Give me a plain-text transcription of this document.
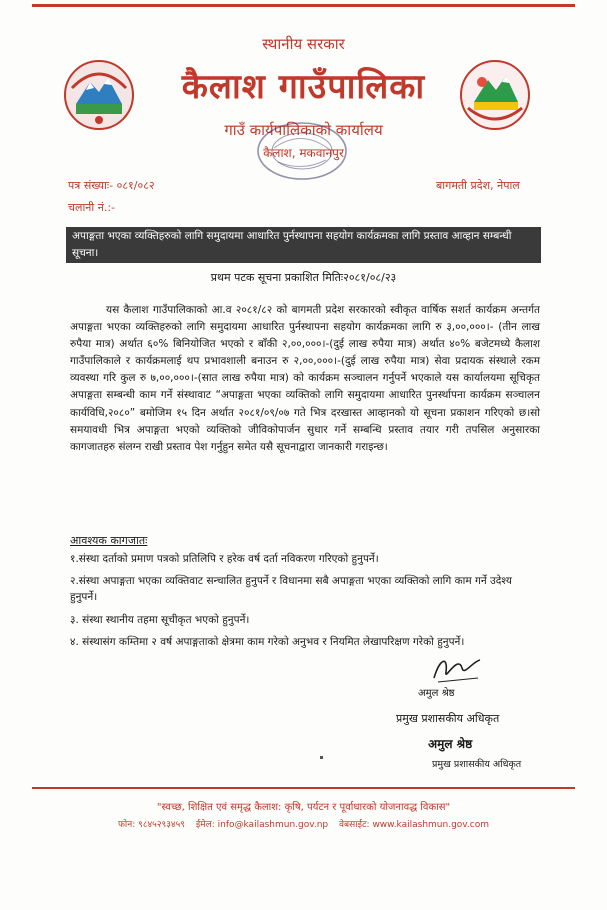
स्थानीय सरकार
कैलाश गाउँपालिका
गाउँ कार्यपालिकाको कार्यालय
कैलाश, मकवानपुर
पत्र संख्याः- ०८१/०८२
चलानी नं.:-
बागमती प्रदेश, नेपाल
अपाङ्गता भएका व्यक्तिहरुको लागि समुदायमा आधारित पुर्नस्थापना सहयोग कार्यक्रमका लागि प्रस्ताव आव्हान सम्बन्धी सूचना।
प्रथम पटक सूचना प्रकाशित मितिः२०८१/०८/२३
यस कैलाश गाउँपालिकाको आ.व २०८१/८२ को बागमती प्रदेश सरकारको स्वीकृत वार्षिक सशर्त कार्यक्रम अन्तर्गत अपाङ्गता भएका व्यक्तिहरुको लागि समुदायमा आधारित पुर्नस्थापना सहयोग कार्यक्रमका लागि रु ३,००,०००।- (तीन लाख रुपैया मात्र) अर्थात ६०% बिनियोजित भएको र बाँकी २,००,०००।-(दुई लाख रुपैया मात्र) अर्थात ४०% बजेटमध्ये कैलाश गाउँपालिकाले र कार्यक्रमलाई थप प्रभावशाली बनाउन रु २,००,०००।-(दुई लाख रुपैया मात्र) सेवा प्रदायक संस्थाले रकम व्यवस्था गरि कुल रु ७,००,०००।-(सात लाख रुपैया मात्र) को कार्यक्रम सञ्चालन गर्नुपर्ने भएकाले यस कार्यालयमा सूचिकृत अपाङ्गता सम्बन्धी काम गर्ने संस्थावाट “अपाङ्गता भएका व्यक्तिको लागि समुदायमा आधारित पुनर्स्थापना कार्यक्रम सञ्चालन कार्यविधि,२०८०” बमोजिम १५ दिन अर्थात २०८१/०९/०७ गते भित्र दरखास्त आव्हानको यो सूचना प्रकाशन गरिएको छ।सो समयावधी भित्र अपाङ्गता भएको व्यक्तिको जीविकोपार्जन सुधार गर्ने सम्बन्धि प्रस्ताव तयार गरी तपसिल अनुसारका कागजातहरु संलग्न राखी प्रस्ताव पेश गर्नुहुन समेत यसै सूचनाद्वारा जानकारी गराइन्छ।
आवश्यक कागजातः
१.संस्था दर्ताको प्रमाण पत्रको प्रतिलिपि र हरेक वर्ष दर्ता नविकरण गरिएको हुनुपर्ने।
२.संस्था अपाङ्गता भएका व्यक्तिवाट सन्चालित हुनुपर्ने र विधानमा सबै अपाङ्गता भएका व्यक्तिको लागि काम गर्ने उदेश्य हुनुपर्ने।
३. संस्था स्थानीय तहमा सूचीकृत भएको हुनुपर्ने।
४. संस्थासंग कम्तिमा २ वर्ष अपाङ्गताको क्षेत्रमा काम गरेको अनुभव र नियमित लेखापरिक्षण गरेको हुनुपर्ने।
अमुल श्रेष्ठ
प्रमुख प्रशासकीय अधिकृत
अमुल श्रेष्ठ
प्रमुख प्रशासकीय अधिकृत
"स्वच्छ, शिक्षित एवं समृद्ध कैलाश: कृषि, पर्यटन र पूर्वाधारको योजनावद्ध विकास"
फोन: ९८४५२९३४५९ ईमेल: info@kailashmun.gov.np वेबसाईट: www.kailashmun.gov.com
